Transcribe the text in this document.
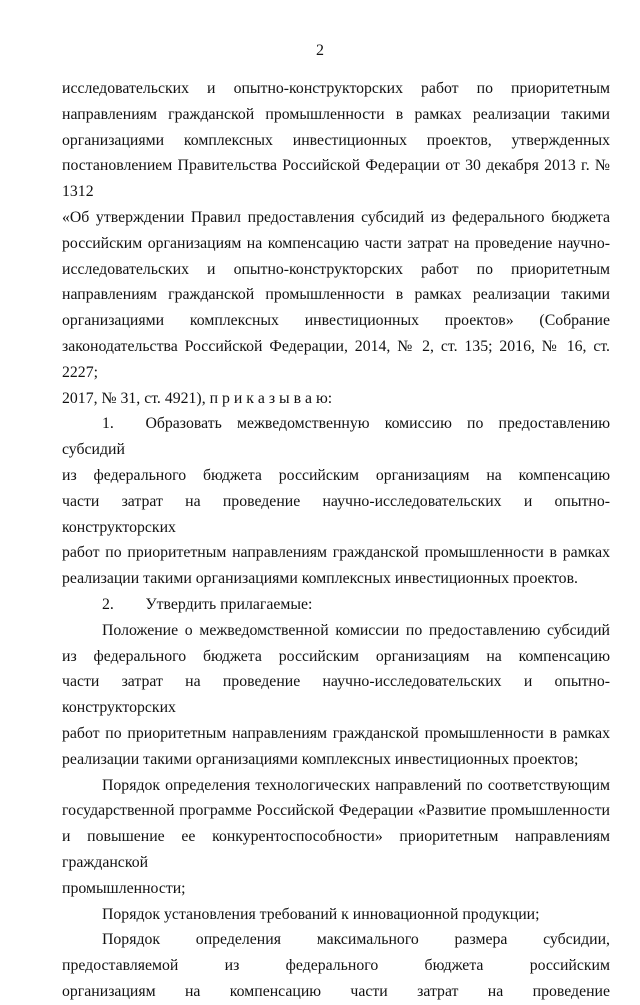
2

исследовательских и опытно-конструкторских работ по приоритетным

направлениям гражданской промышленности в рамках реализации такими

организациями комплексных инвестиционных проектов, утвержденных

постановлением Правительства Российской Федерации от 30 декабря 2013 г. № 1312

«Об утверждении Правил предоставления субсидий из федерального бюджета

российским организациям на компенсацию части затрат на проведение научно-

исследовательских и опытно-конструкторских работ по приоритетным

направлениям гражданской промышленности в рамках реализации такими

организациями комплексных инвестиционных проектов» (Собрание

законодательства Российской Федерации, 2014, № 2, ст. 135; 2016, № 16, ст. 2227;

2017, № 31, ст. 4921), п р и к а з ы в а ю:

1.  Образовать межведомственную комиссию по предоставлению субсидий

из федерального бюджета российским организациям на компенсацию

части затрат на проведение научно-исследовательских и опытно-конструкторских

работ по приоритетным направлениям гражданской промышленности в рамках

реализации такими организациями комплексных инвестиционных проектов.

2.  Утвердить прилагаемые:

Положение о межведомственной комиссии по предоставлению субсидий

из федерального бюджета российским организациям на компенсацию

части затрат на проведение научно-исследовательских и опытно-конструкторских

работ по приоритетным направлениям гражданской промышленности в рамках

реализации такими организациями комплексных инвестиционных проектов;

Порядок определения технологических направлений по соответствующим

государственной программе Российской Федерации «Развитие промышленности

и повышение ее конкурентоспособности» приоритетным направлениям гражданской

промышленности;

Порядок установления требований к инновационной продукции;

Порядок определения максимального размера субсидии,

предоставляемой из федерального бюджета российским

организациям на компенсацию части затрат на проведение
